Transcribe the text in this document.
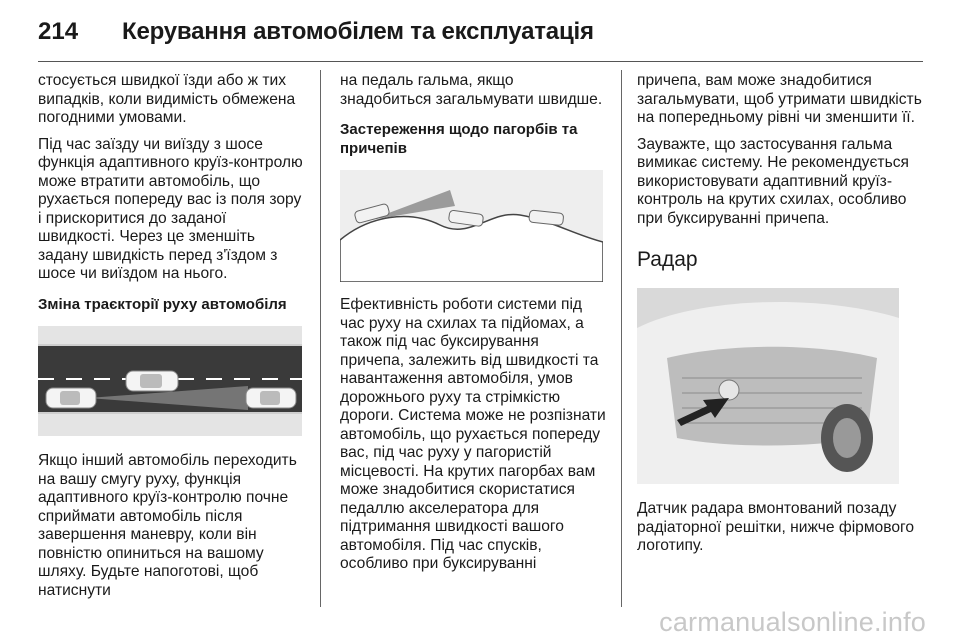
214 Керування автомобілем та експлуатація

стосується швидкої їзди або ж тих випадків, коли видимість обмежена погодними умовами.

Під час заїзду чи виїзду з шосе функція адаптивного круїз-контролю може втратити автомобіль, що рухається попереду вас із поля зору і прискоритися до заданої швидкості. Через це зменшіть задану швидкість перед з'їздом з шосе чи виїздом на нього.

Зміна траєкторії руху автомобіля

Якщо інший автомобіль переходить на вашу смугу руху, функція адаптивного круїз-контролю почне сприймати автомобіль після завершення маневру, коли він повністю опиниться на вашому шляху. Будьте напоготові, щоб натиснути

на педаль гальма, якщо знадобиться загальмувати швидше.

Застереження щодо пагорбів та причепів

Ефективність роботи системи під час руху на схилах та підйомах, а також під час буксирування причепа, залежить від швидкості та навантаження автомобіля, умов дорожнього руху та стрімкістю дороги. Система може не розпізнати автомобіль, що рухається попереду вас, під час руху у пагористій місцевості. На крутих пагорбах вам може знадобитися скористатися педаллю акселератора для підтримання швидкості вашого автомобіля. Під час спусків, особливо при буксируванні

причепа, вам може знадобитися загальмувати, щоб утримати швидкість на попередньому рівні чи зменшити її.

Зауважте, що застосування гальма вимикає систему. Не рекомендується використовувати адаптивний круїз-контроль на крутих схилах, особливо при буксируванні причепа.

Радар

Датчик радара вмонтований позаду радіаторної решітки, нижче фірмового логотипу.

carmanualsonline.info
